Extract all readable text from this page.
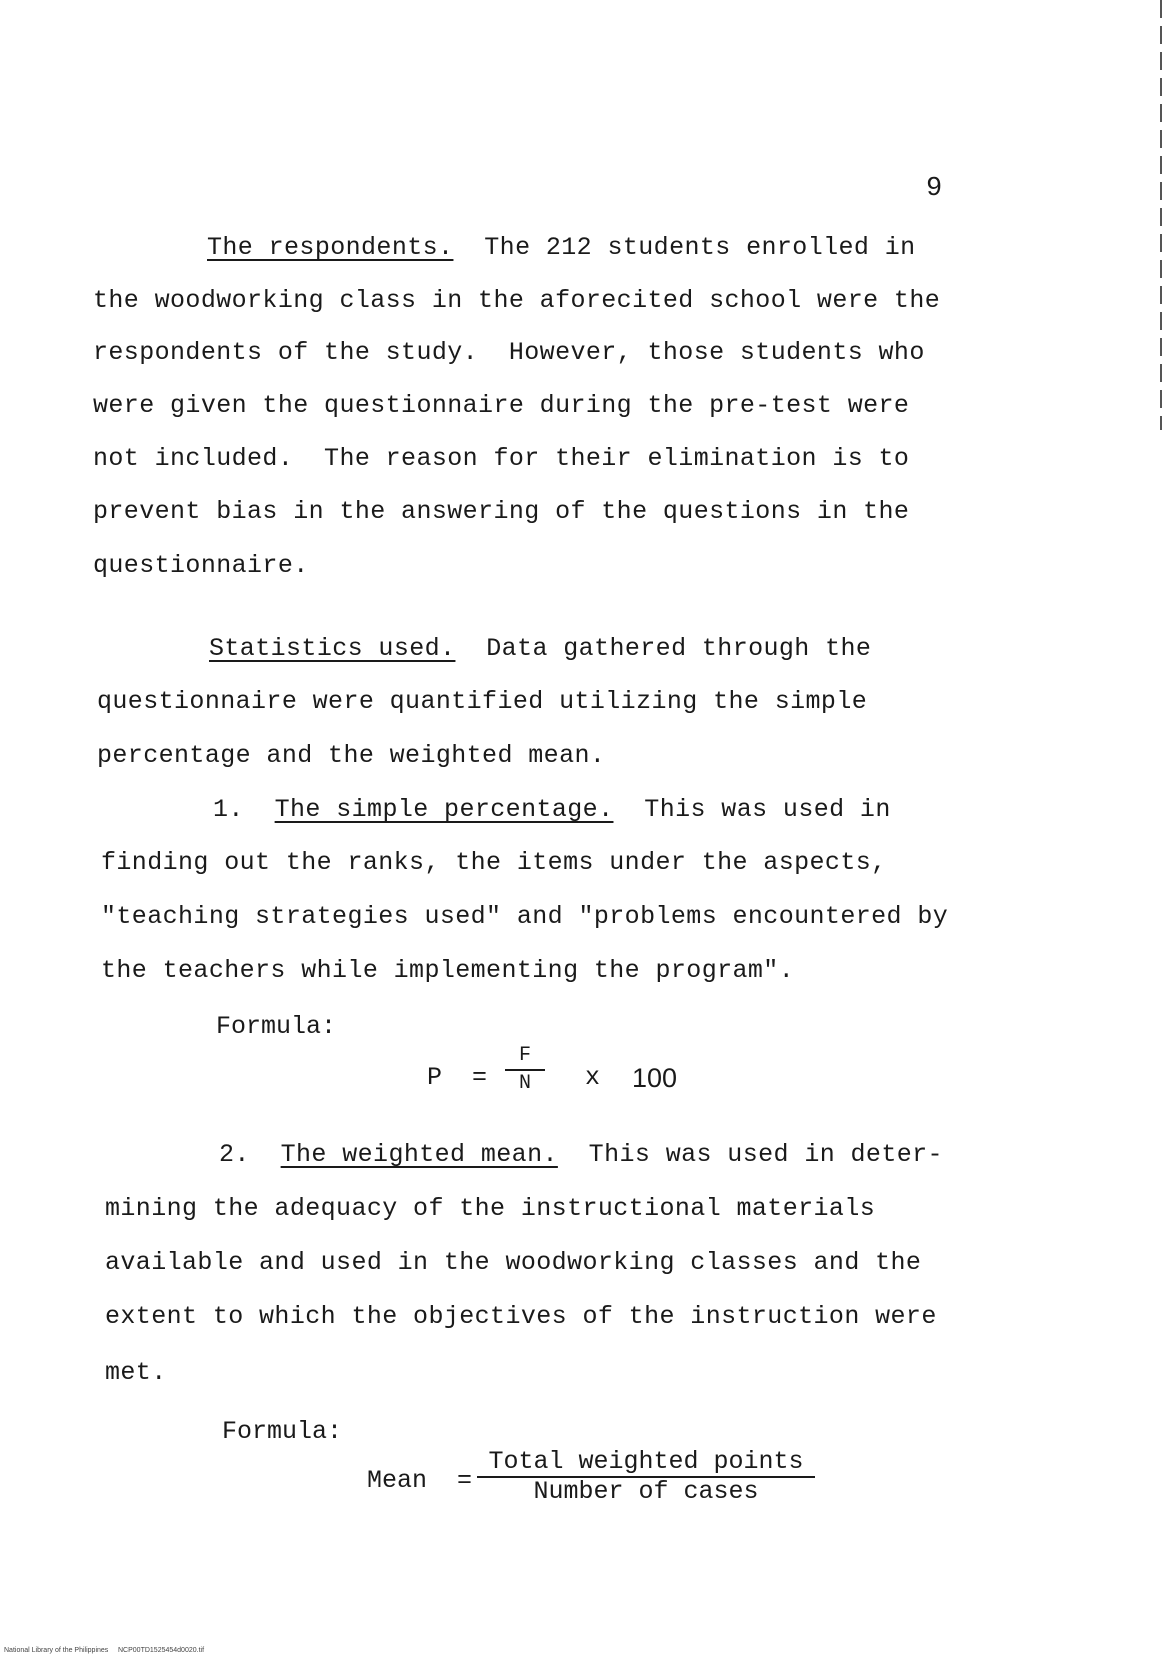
9
The respondents.  The 212 students enrolled in
the woodworking class in the aforecited school were the
respondents of the study.  However, those students who
were given the questionnaire during the pre-test were
not included.  The reason for their elimination is to
prevent bias in the answering of the questions in the
questionnaire.
Statistics used.  Data gathered through the
questionnaire were quantified utilizing the simple
percentage and the weighted mean.
1. The simple percentage.  This was used in
finding out the ranks, the items under the aspects,
"teaching strategies used" and "problems encountered by
the teachers while implementing the program".
Formula:
P =
F
N	x 100
2. The weighted mean.  This was used in deter-
mining the adequacy of the instructional materials
available and used in the woodworking classes and the
extent to which the objectives of the instruction were
met.
Formula:
Mean  =
Total weighted points
Number of cases
National Library of the Philippines     NCP00TD1525454d0020.tif
